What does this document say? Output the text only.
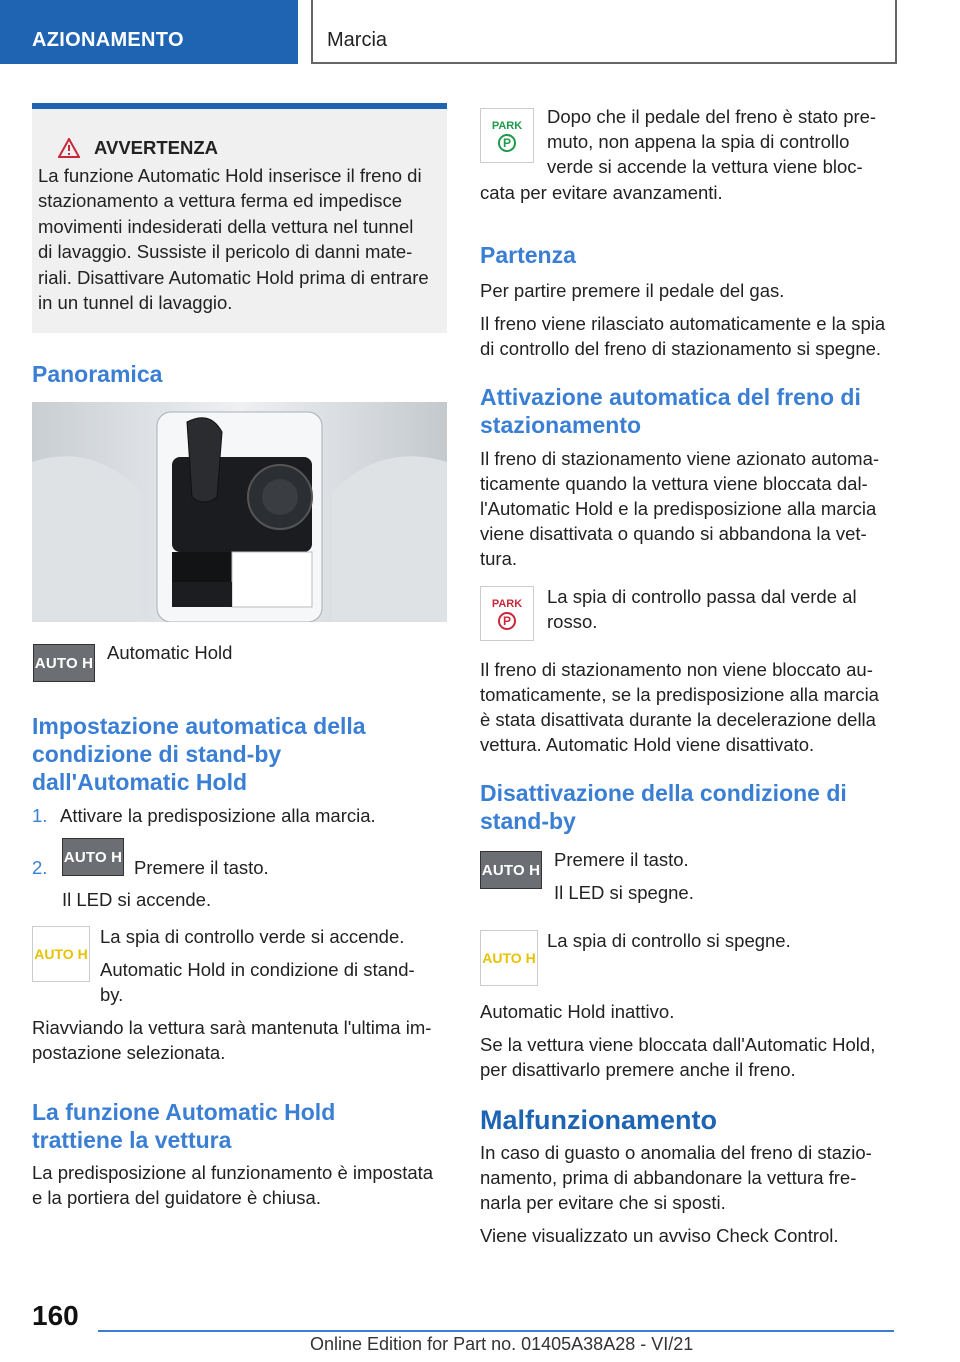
AZIONAMENTO	Marcia
AVVERTENZA
La funzione Automatic Hold inserisce il freno di
stazionamento a vettura ferma ed impedisce
movimenti indesiderati della vettura nel tunnel
di lavaggio. Sussiste il pericolo di danni mate-
riali. Disattivare Automatic Hold prima di entrare
in un tunnel di lavaggio.
Panoramica
AUTO H Automatic Hold
Impostazione automatica della
condizione di stand-by
dall'Automatic Hold
1. Attivare la predisposizione alla marcia.
2. AUTO H Premere il tasto.
Il LED si accende.
AUTO H

La spia di controllo verde si accende.

Automatic Hold in condizione di stand-
by.
Riavviando la vettura sarà mantenuta l'ultima im-
postazione selezionata.
La funzione Automatic Hold
trattiene la vettura
La predisposizione al funzionamento è impostata
e la portiera del guidatore è chiusa.
PARK
P
Dopo che il pedale del freno è stato pre-
muto, non appena la spia di controllo
verde si accende la vettura viene bloc-
cata per evitare avanzamenti.
Partenza

Per partire premere il pedale del gas.

Il freno viene rilasciato automaticamente e la spia
di controllo del freno di stazionamento si spegne.
Attivazione automatica del freno di
stazionamento
Il freno di stazionamento viene azionato automa-
ticamente quando la vettura viene bloccata dal-
l'Automatic Hold e la predisposizione alla marcia
viene disattivata o quando si abbandona la vet-
tura.
PARK
P
La spia di controllo passa dal verde al
rosso.
Il freno di stazionamento non viene bloccato au-
tomaticamente, se la predisposizione alla marcia
è stata disattivata durante la decelerazione della
vettura. Automatic Hold viene disattivato.
Disattivazione della condizione di
stand-by
AUTO H Premere il tasto.

Il LED si spegne.
AUTO H
La spia di controllo si spegne.

Automatic Hold inattivo.

Se la vettura viene bloccata dall'Automatic Hold,
per disattivarlo premere anche il freno.
Malfunzionamento
In caso di guasto o anomalia del freno di stazio-
namento, prima di abbandonare la vettura fre-
narla per evitare che si sposti.

Viene visualizzato un avviso Check Control.

160
Online Edition for Part no. 01405A38A28 - VI/21
